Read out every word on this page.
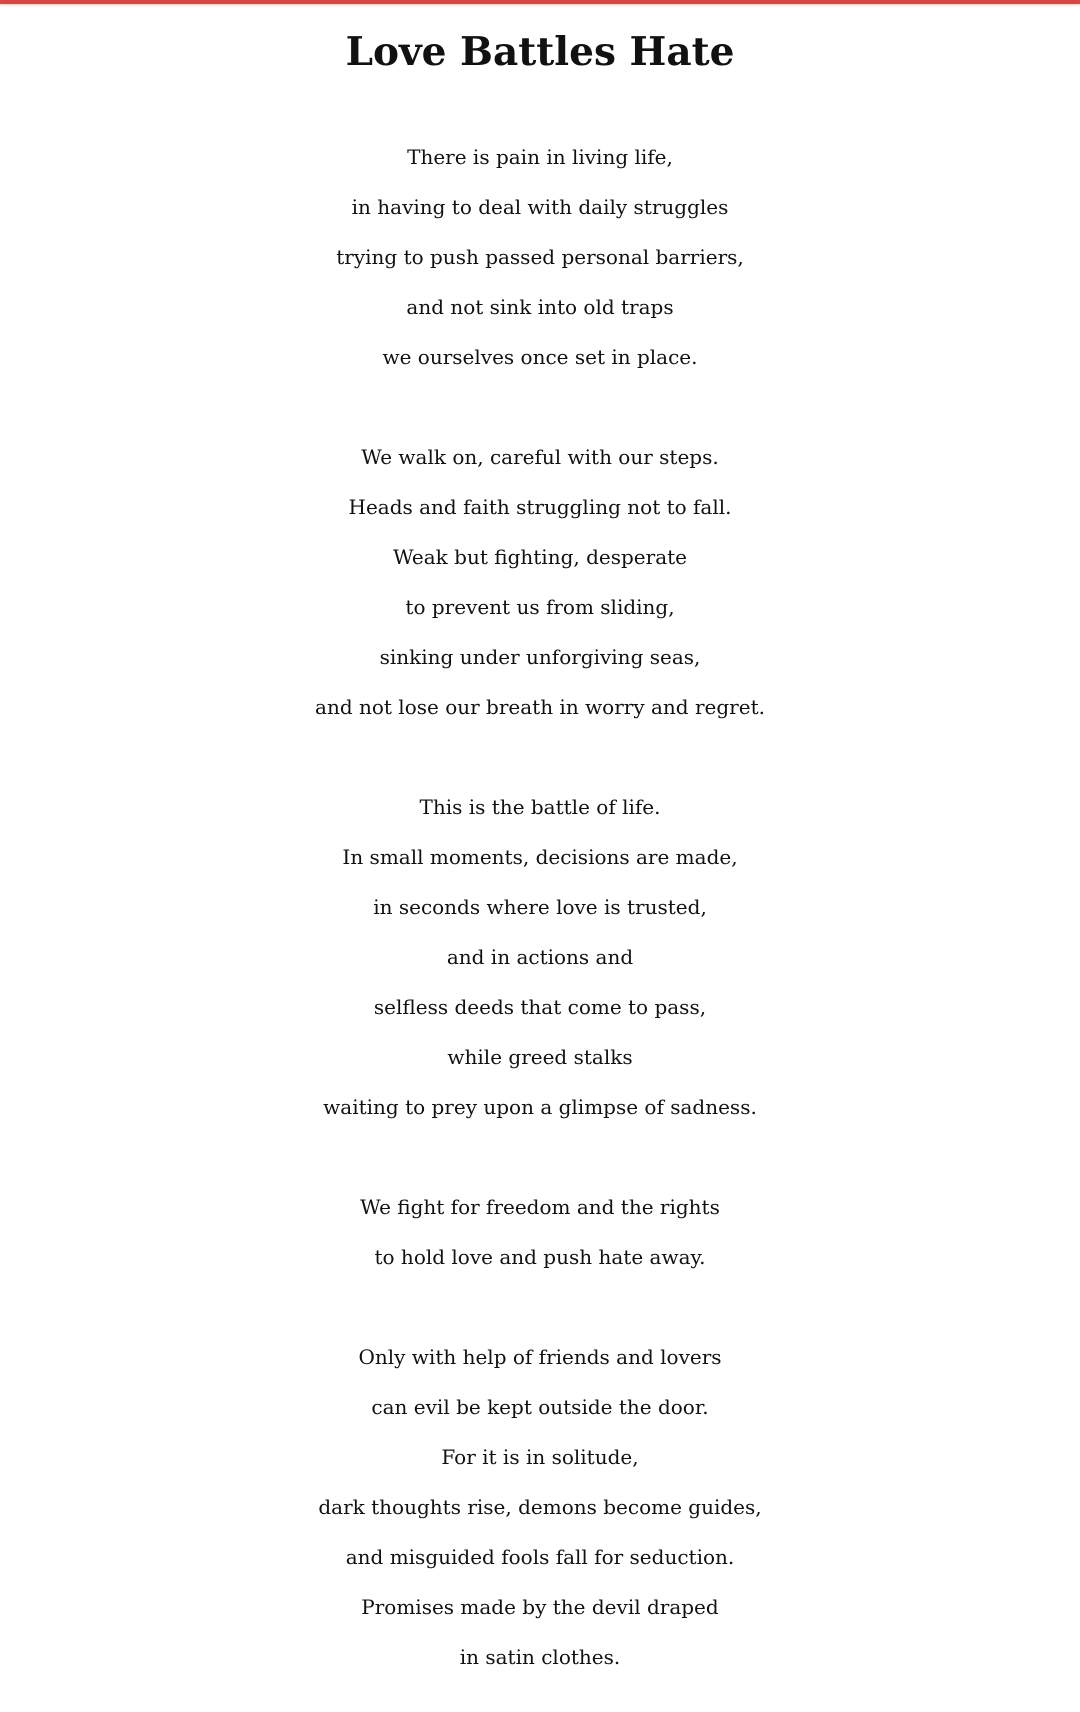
Love Battles Hate
There is pain in living life,
in having to deal with daily struggles
trying to push passed personal barriers,
and not sink into old traps
we ourselves once set in place.
We walk on, careful with our steps.
Heads and faith struggling not to fall.
Weak but fighting, desperate
to prevent us from sliding,
sinking under unforgiving seas,
and not lose our breath in worry and regret.
This is the battle of life.
In small moments, decisions are made,
in seconds where love is trusted,
and in actions and
selfless deeds that come to pass,
while greed stalks
waiting to prey upon a glimpse of sadness.
We fight for freedom and the rights
to hold love and push hate away.
Only with help of friends and lovers
can evil be kept outside the door.
For it is in solitude,
dark thoughts rise, demons become guides,
and misguided fools fall for seduction.
Promises made by the devil draped
in satin clothes.
